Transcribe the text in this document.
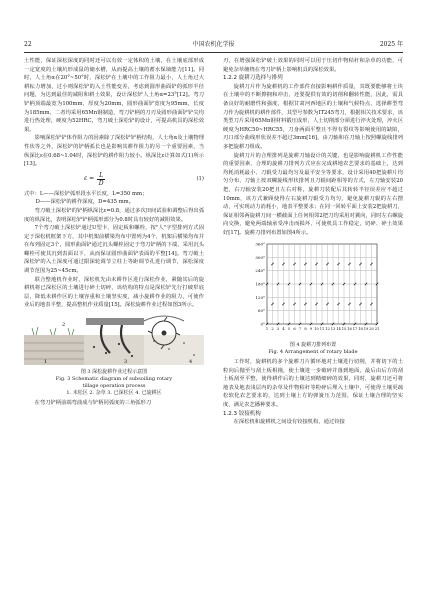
22	中国农机化学报	2025 年

土性能，保证深松深度的同时还可以有效一定体积的土壤，在土壤底部形成一定宽度的土壤坑形成鼠的储水槽，从而提高土壤的蓄水保墒能力[11]。同时，人土角α在20°~50°时，深松铲在土壤中的工作阻力最小，人土角过大耕耘力增加，过小则深松铲的入土性能变差，考虑到圆形曲面铲的弧形半径问题，为达到最佳的减阻和耕土效果，设计深松铲人土角α=23°[12]。弯刀铲柄顶端最宽为100mm，厚度为20mm，圆形曲面铲宽度为95mm，长度为185mm，二者均采用65Mn钢制造，弯刀铲柄的刀刃及圆形曲面铲铲尖均进行热处理，硬度为52HRC，弯刀破土深松铲的设计，可提高机具的深松效果。

影响深松铲铲体作阻力的因素除了深松铲铲柄结构，人土角α及土壤物理性状等之外，深松铲的铲柄弧长也是影响其耕作阻力的另一个重要因素，当纵深比ε在0.68~1.04时，深松铲的耕作阻力较小。纵深比ε计算如式(1)所示[13]。

$\varepsilon = \frac{L}{D}$	(1)

式中：L——深松铲弧形段水平长度，L=350 mm；

D——深松铲的耕作深度，D=435 mm。

弯刀破土深松铲的铲柄纵深比ε=0.8，通过多次田间试验和调整后得出弧度的纵深比，表明深松铲铲柄弧形部分为0.8时具有较好的减阻效果。

7个弯刀破土深松铲通过U型卡、固定板和螺栓，按"人"字型排列方式固定于深松机框架下方，其中机架前横梁均布中置列为4个，机架后横梁均布并在布列固定3个，圆形曲面铲通过沉头螺栓固定于弯刀铲柄的下端，采用沉头螺栓可使其沉到表面以下，从而保证圆形曲面铲表面的平整[14]。弯刀破土深松铲的入土深度可通过限深轮调节立柱上等距调节孔进行调节，深松深度调节范围为25~45cm。

联合整地机作业时，深松机先由未耕作区进行深松作业，紧随其后的旋耕机将已深松区的土壤进行碎土切碎，该结构的特点是深松铲先行打破犁底层，降低未耕作区的土壤容重和土壤坚实度，减小旋耕作业的阻力，可使作业后的地表平整，提高整机作业质量[15]。深松旋耕作业过程如图3所示。

1
2
3	4
图 3 深松旋耕作业过程示意图
Fig. 3 Schematic diagram of subsoiling rotary
tillage operation process
1. 未松区 2. 杂草 3. 已深松区 4. 已旋耕区

在弯刀铲柄前端弯曲成与铲柄同弧度的三角弧形刀

刃，在增强深松铲破土效果的同时可以用于压切作物秸秆和杂草的功能，可避免杂草缠绕在弯刀铲柄上影响机具的深松效果。

1.2.2 旋耕刀选择与排列

旋耕刀片作为旋耕机的工作部件直接影响耕作质量，其既要能够将土块在土壤中的不断擦拥和冲击，还要提供有效的切削和翻转性能，因此，需具备良好的耐磨性和强度，根据甘肃河西地区的土壤和气候特点，选择耕型弯刀作为旋耕机的耕作部件，其型号参数为IT245弯刀，根据相关技术要求，该类型刀片采用65Mn钢材料锻压成形，人土切削部分须进行淬火处理，淬火区硬度为HRC50~HRC55，刀身两面平整且不得有裂纹等影响使用的缺陷，刃口部分曲线形状误差不超过3mm[16]，由刀轴和在刀轴上按照螺旋线排列多把旋耕刀组成。

旋耕刀片的合理排列是旋耕刀轴设计的关键，也是影响旋耕机工作性能的重要因素，合理的旋耕刀排列方式应在完成耕地农艺要求的基础上，达到均耗消耗最小、刀辊受力最均匀及最平安全等要求，设计采用40把旋耕片均匀分布，刀轴上按双螺旋线形状排列且刀辊间距相等的方式，左刀轴安装20把，右刀轴安装20把且左右对称，旋耕刀装配后其转转半径误差应不超过10mm，该方式兼顾使得左右旋耕刀辊受力均匀，避免旋耕刀辊的左右摆动，可实现动力消耗小，地表平整要求；在同一回转平面上安装2把旋耕刀，保证相邻两旋耕刀间一横截面上任何相邻2把刀均采用对翼向，同时左右螺旋向交换，避免两端轴承受冲击而损坏，可使机具工作稳定，切碎、碎土效果好[17]。旋耕刀排列布置如图4所示。

360°
300°
240°
180°
120°
60°
0°
1 2 3 4 5 6 7 8 9 10 11 12 13 14 15 16 17 18 19 20 21
图 4 旋耕刀排列布置
Fig. 4 Arrangement of rotary blade

工作时，旋耕机的多个旋耕刀片循环地对土壤进行切削，并将切下的土粒向后抛至与刮土板相撞，使土壤进一步破碎并落到地面，最后由后方的刮土板刮至平整，使得耕作后的土壤达到精细碎的效果，同时，旋耕刀还可将地表及地表浅层内的杂草及作物秸秆等粉碎后埋入土壤中，可使得土壤更疏松软化农艺要求的，达到土壤上方的弹簧压力范围，保证土壤合理的坚实度，满足农艺播种要求。

1.2.3 铰接机构

在深松机和旋耕机之间设有铰接机构，通过铰接
